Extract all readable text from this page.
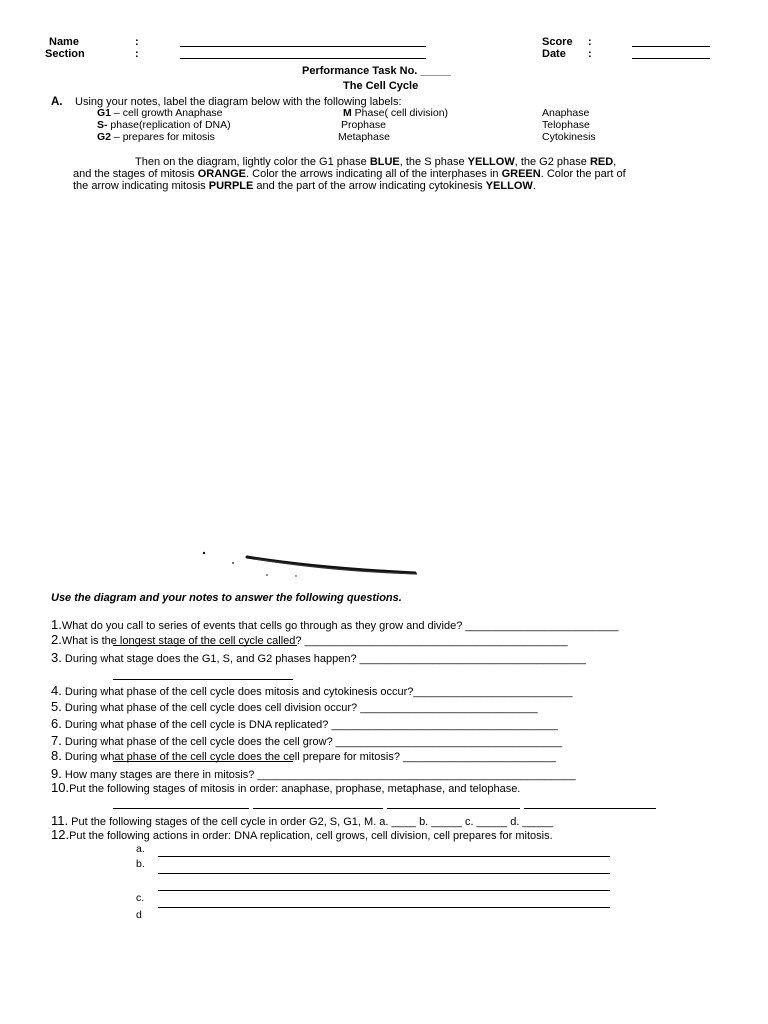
Name	:
Section	:
Score :
Date :
Performance Task No. _____
The Cell Cycle
A. Using your notes, label the diagram below with the following labels:
G1 – cell growth Anaphase
S- phase(replication of DNA)
G2 – prepares for mitosis
M Phase( cell division)
Prophase
Metaphase
Anaphase
Telophase
Cytokinesis
Then on the diagram, lightly color the G1 phase BLUE, the S phase YELLOW, the G2 phase RED, and the stages of mitosis ORANGE. Color the arrows indicating all of the interphases in GREEN. Color the part of the arrow indicating mitosis PURPLE and the part of the arrow indicating cytokinesis YELLOW.
Use the diagram and your notes to answer the following questions.
1.What do you call to series of events that cells go through as they grow and divide? _________________________
2.What is the longest stage of the cell cycle called? ___________________________________________
3. During what stage does the G1, S, and G2 phases happen? _____________________________________
4. During what phase of the cell cycle does mitosis and cytokinesis occur?__________________________
5. During what phase of the cell cycle does cell division occur? _____________________________
6. During what phase of the cell cycle is DNA replicated? _____________________________________
7. During what phase of the cell cycle does the cell grow? _____________________________________
8. During what phase of the cell cycle does the cell prepare for mitosis? _________________________
9. How many stages are there in mitosis? ____________________________________________________
10.Put the following stages of mitosis in order: anaphase, prophase, metaphase, and telophase.
11. Put the following stages of the cell cycle in order G2, S, G1, M. a. ____ b. _____ c. _____ d. _____
12.Put the following actions in order: DNA replication, cell grows, cell division, cell prepares for mitosis.
a.
b.
c.
d
